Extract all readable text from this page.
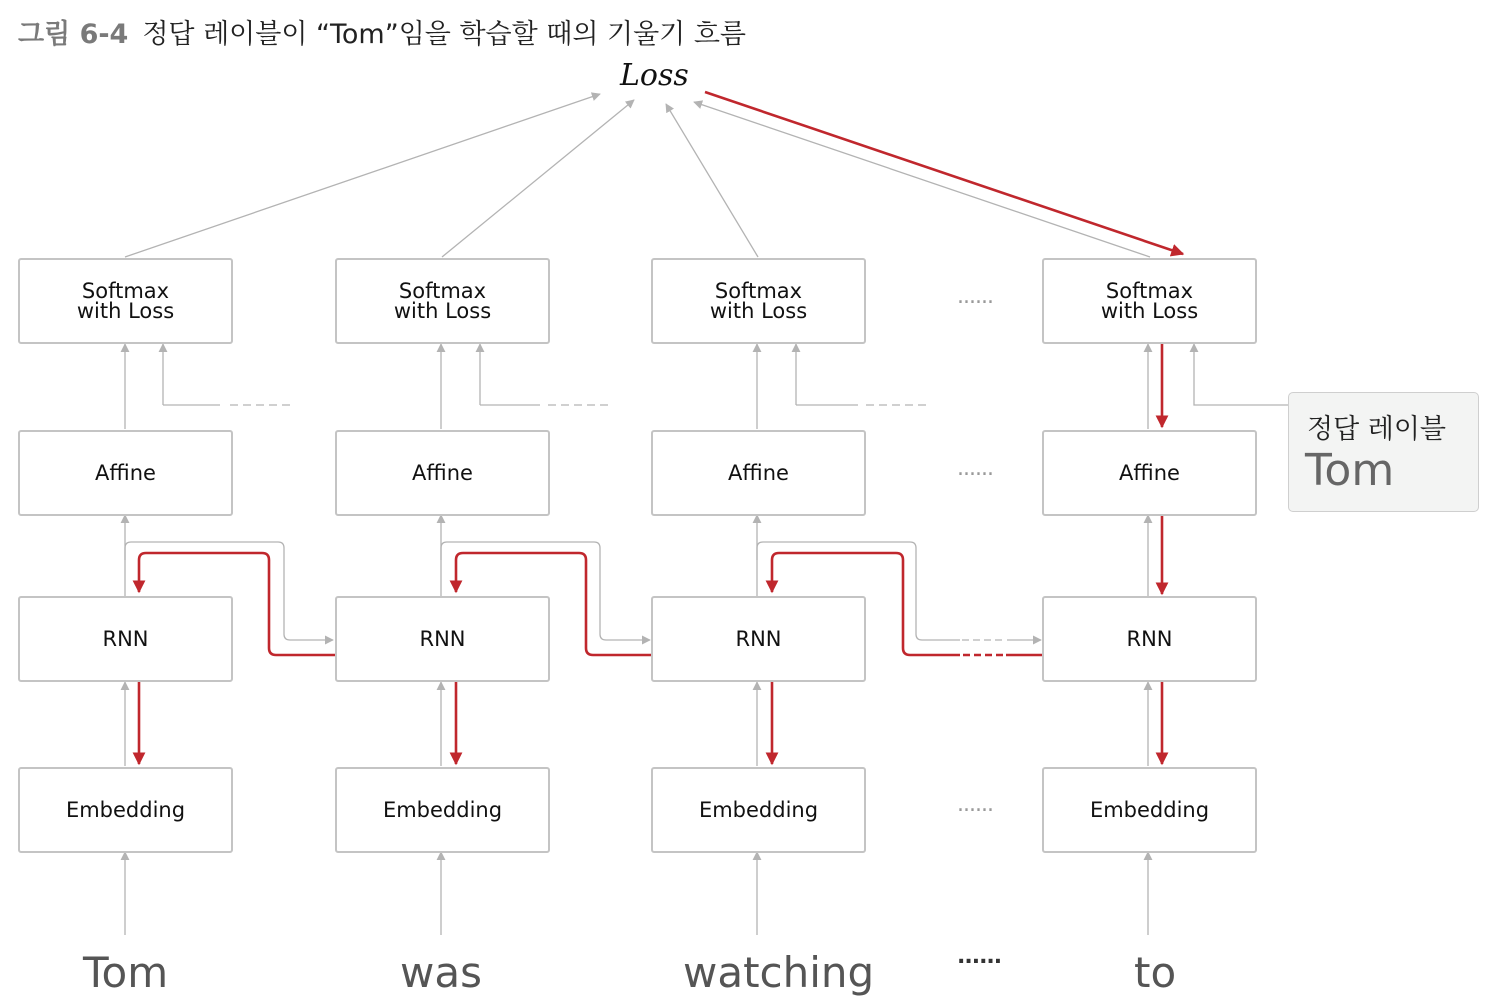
그림 6-4 정답 레이블이 “Tom”임을 학습할 때의 기울기 흐름
Loss
Softmax
with Loss
Affine
RNN
Embedding
Tom
Softmax
with Loss
Affine
RNN
Embedding
was
Softmax
with Loss
Affine
RNN
Embedding
watching
Softmax
with Loss
Affine
RNN
Embedding
to
......
......
......
......
정답 레이블
Tom
